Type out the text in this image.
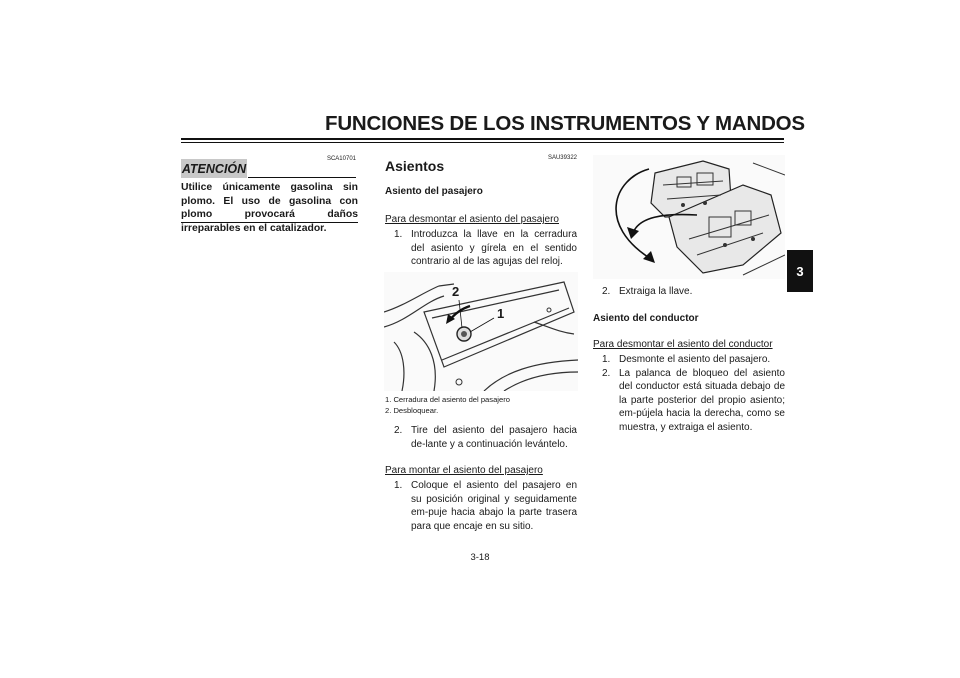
FUNCIONES DE LOS INSTRUMENTOS Y MANDOS
3
SCA10701
ATENCIÓN
Utilice únicamente gasolina sin plomo. El uso de gasolina con plomo provocará daños irreparables en el catalizador.
SAU39322
Asientos
Asiento del pasajero
Para desmontar el asiento del pasajero
1. Introduzca la llave en la cerradura del asiento y gírela en el sentido contrario al de las agujas del reloj.
1
2
1. Cerradura del asiento del pasajero
2. Desbloquear.
2. Tire del asiento del pasajero hacia de-lante y a continuación levántelo.
Para montar el asiento del pasajero
1. Coloque el asiento del pasajero en su posición original y seguidamente em-puje hacia abajo la parte trasera para que encaje en su sitio.
2. Extraiga la llave.
Asiento del conductor
Para desmontar el asiento del conductor
1. Desmonte el asiento del pasajero.
2. La palanca de bloqueo del asiento del conductor está situada debajo de la parte posterior del propio asiento; em-pújela hacia la derecha, como se muestra, y extraiga el asiento.
3-18
